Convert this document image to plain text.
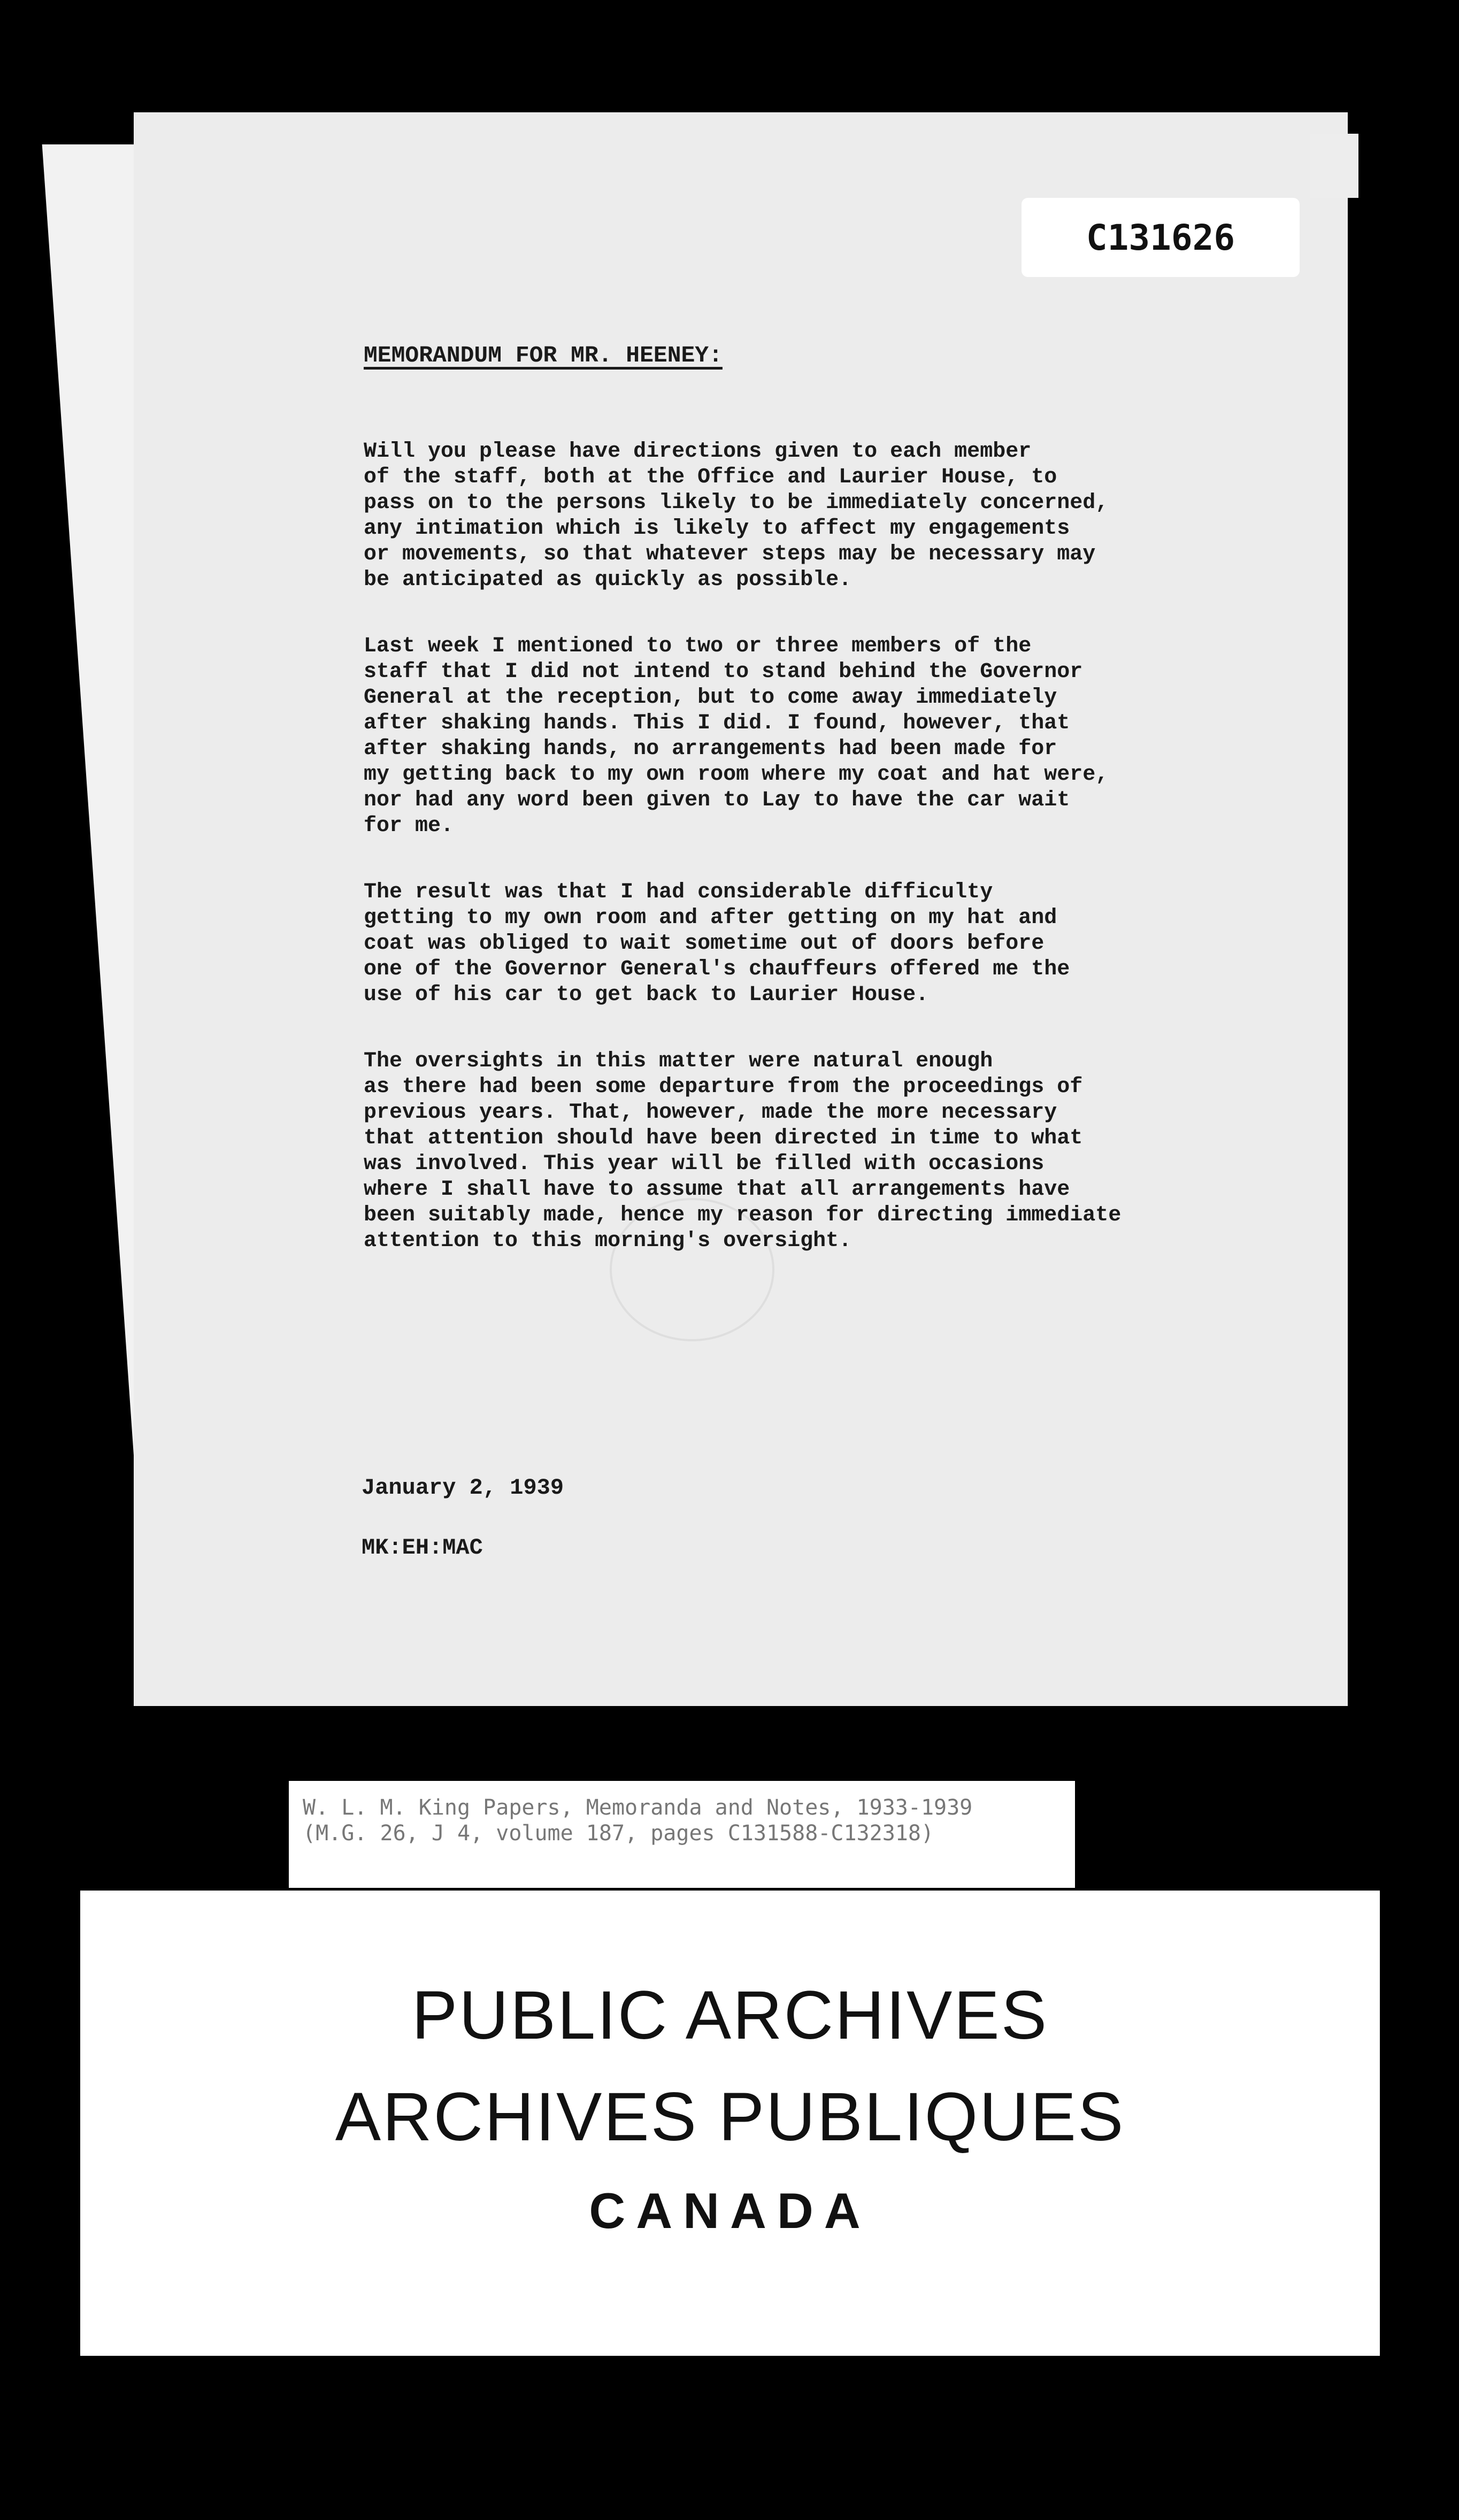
C131626
MEMORANDUM FOR MR. HEENEY:

Will you please have directions given to each member
of the staff, both at the Office and Laurier House, to
pass on to the persons likely to be immediately concerned,
any intimation which is likely to affect my engagements
or movements, so that whatever steps may be necessary may
be anticipated as quickly as possible.

Last week I mentioned to two or three members of the
staff that I did not intend to stand behind the Governor
General at the reception, but to come away immediately
after shaking hands. This I did. I found, however, that
after shaking hands, no arrangements had been made for
my getting back to my own room where my coat and hat were,
nor had any word been given to Lay to have the car wait
for me.

The result was that I had considerable difficulty
getting to my own room and after getting on my hat and
coat was obliged to wait sometime out of doors before
one of the Governor General's chauffeurs offered me the
use of his car to get back to Laurier House.

The oversights in this matter were natural enough
as there had been some departure from the proceedings of
previous years. That, however, made the more necessary
that attention should have been directed in time to what
was involved. This year will be filled with occasions
where I shall have to assume that all arrangements have
been suitably made, hence my reason for directing immediate
attention to this morning's oversight.

January 2, 1939
MK:EH:MAC
W. L. M. King Papers, Memoranda and Notes, 1933-1939
(M.G. 26, J 4, volume 187, pages C131588-C132318)
PUBLIC ARCHIVES
ARCHIVES PUBLIQUES
CANADA
